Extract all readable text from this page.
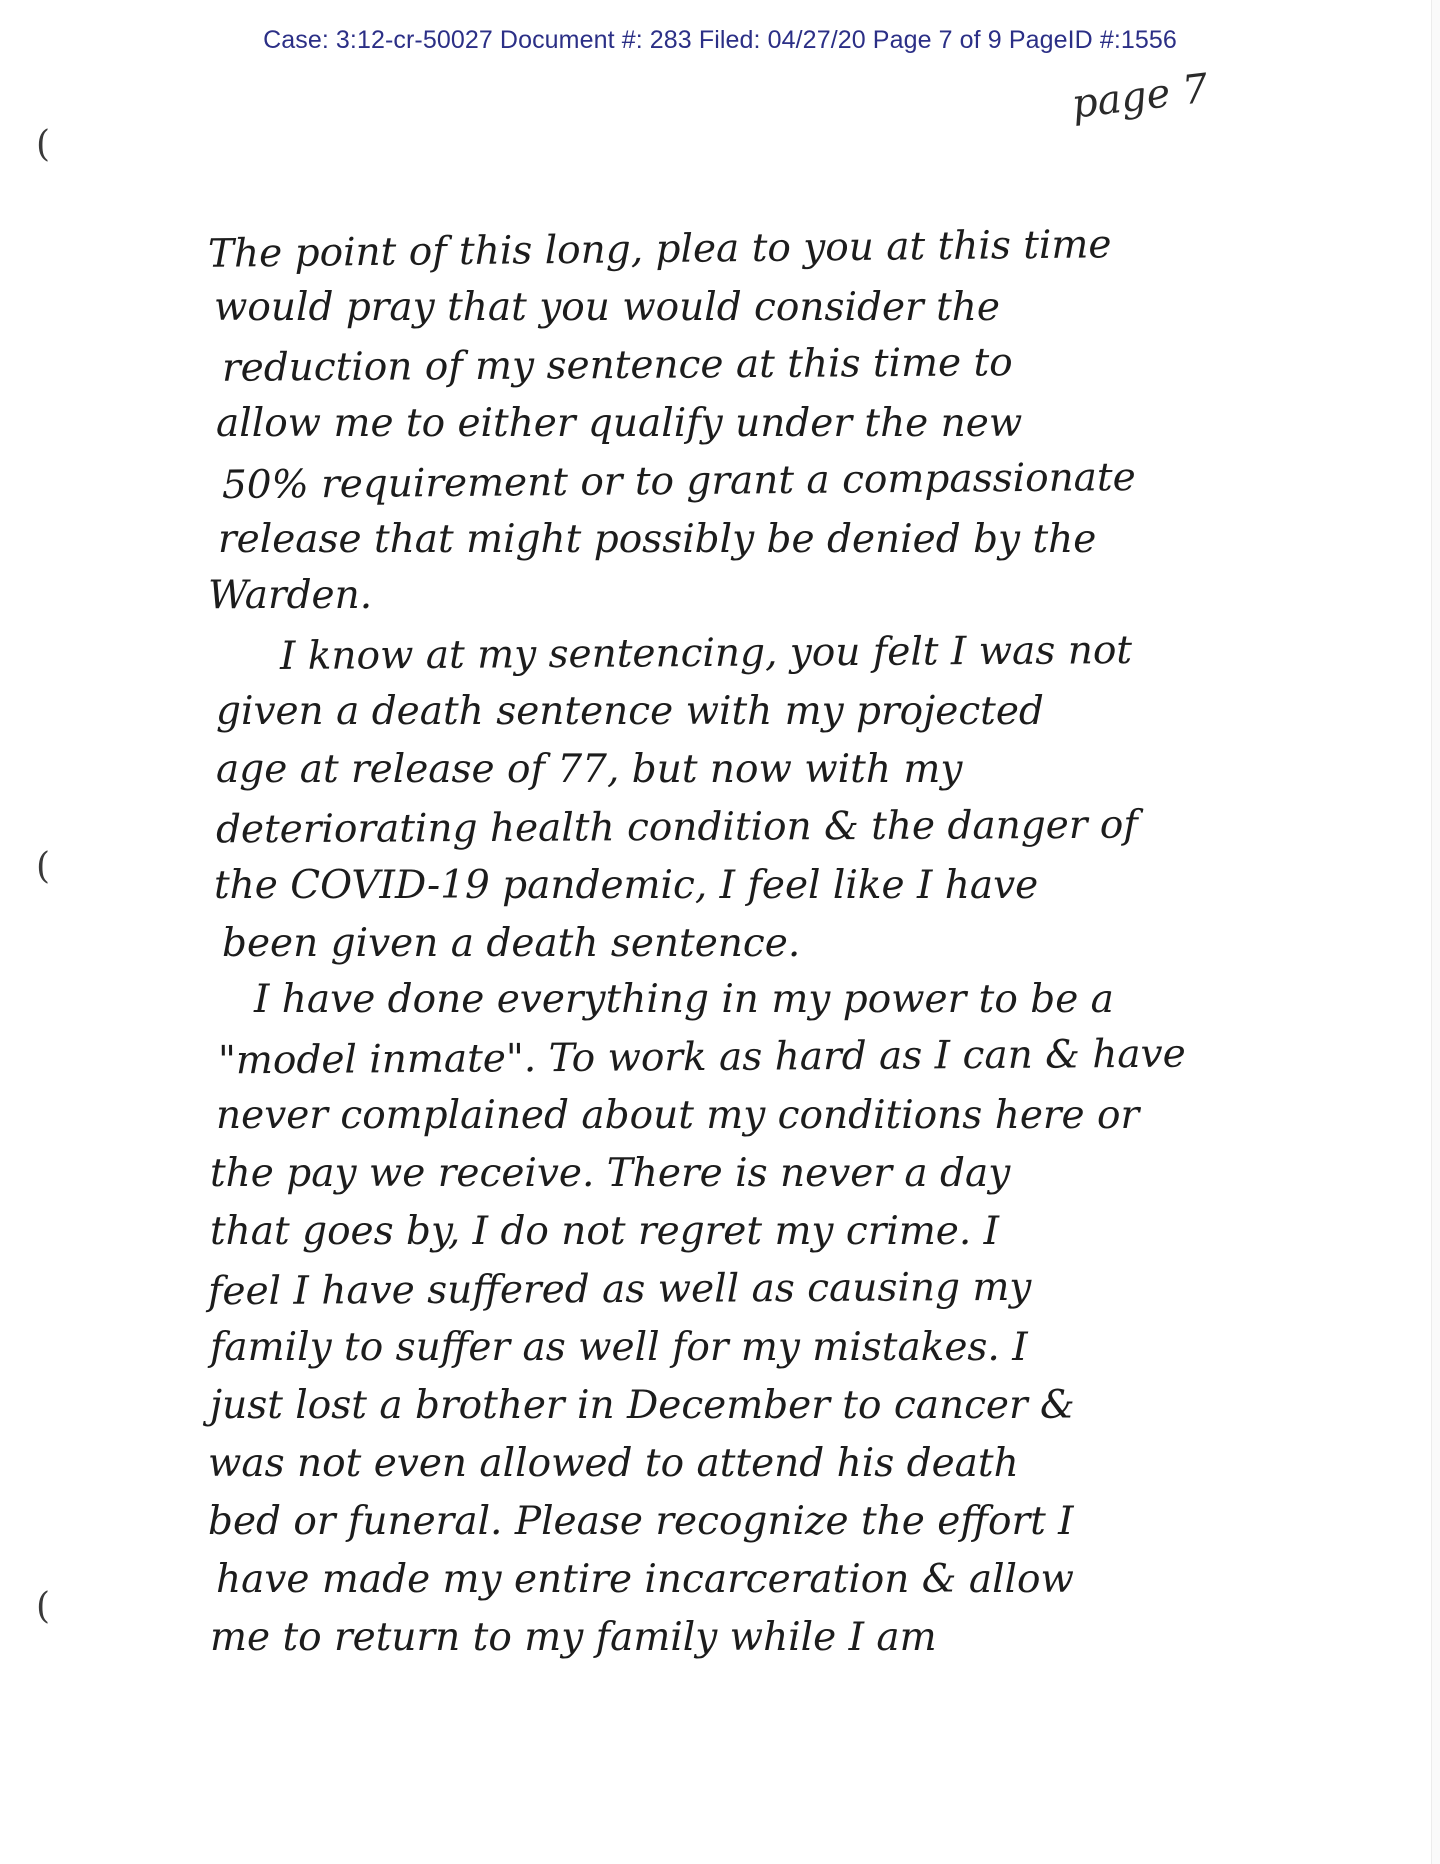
Case: 3:12-cr-50027 Document #: 283 Filed: 04/27/20 Page 7 of 9 PageID #:1556
page 7
(
(
(
The point of this long, plea to you at this time
would pray that you would consider the
reduction of my sentence at this time to
allow me to either qualify under the new
50% requirement or to grant a compassionate
release that might possibly be denied by the
Warden.
I know at my sentencing, you felt I was not
given a death sentence with my projected
age at release of 77, but now with my
deteriorating health condition & the danger of
the COVID-19 pandemic, I feel like I have
been given a death sentence.
I have done everything in my power to be a
"model inmate". To work as hard as I can & have
never complained about my conditions here or
the pay we receive. There is never a day
that goes by, I do not regret my crime. I
feel I have suffered as well as causing my
family to suffer as well for my mistakes. I
just lost a brother in December to cancer &
was not even allowed to attend his death
bed or funeral. Please recognize the effort I
have made my entire incarceration & allow
me to return to my family while I am
